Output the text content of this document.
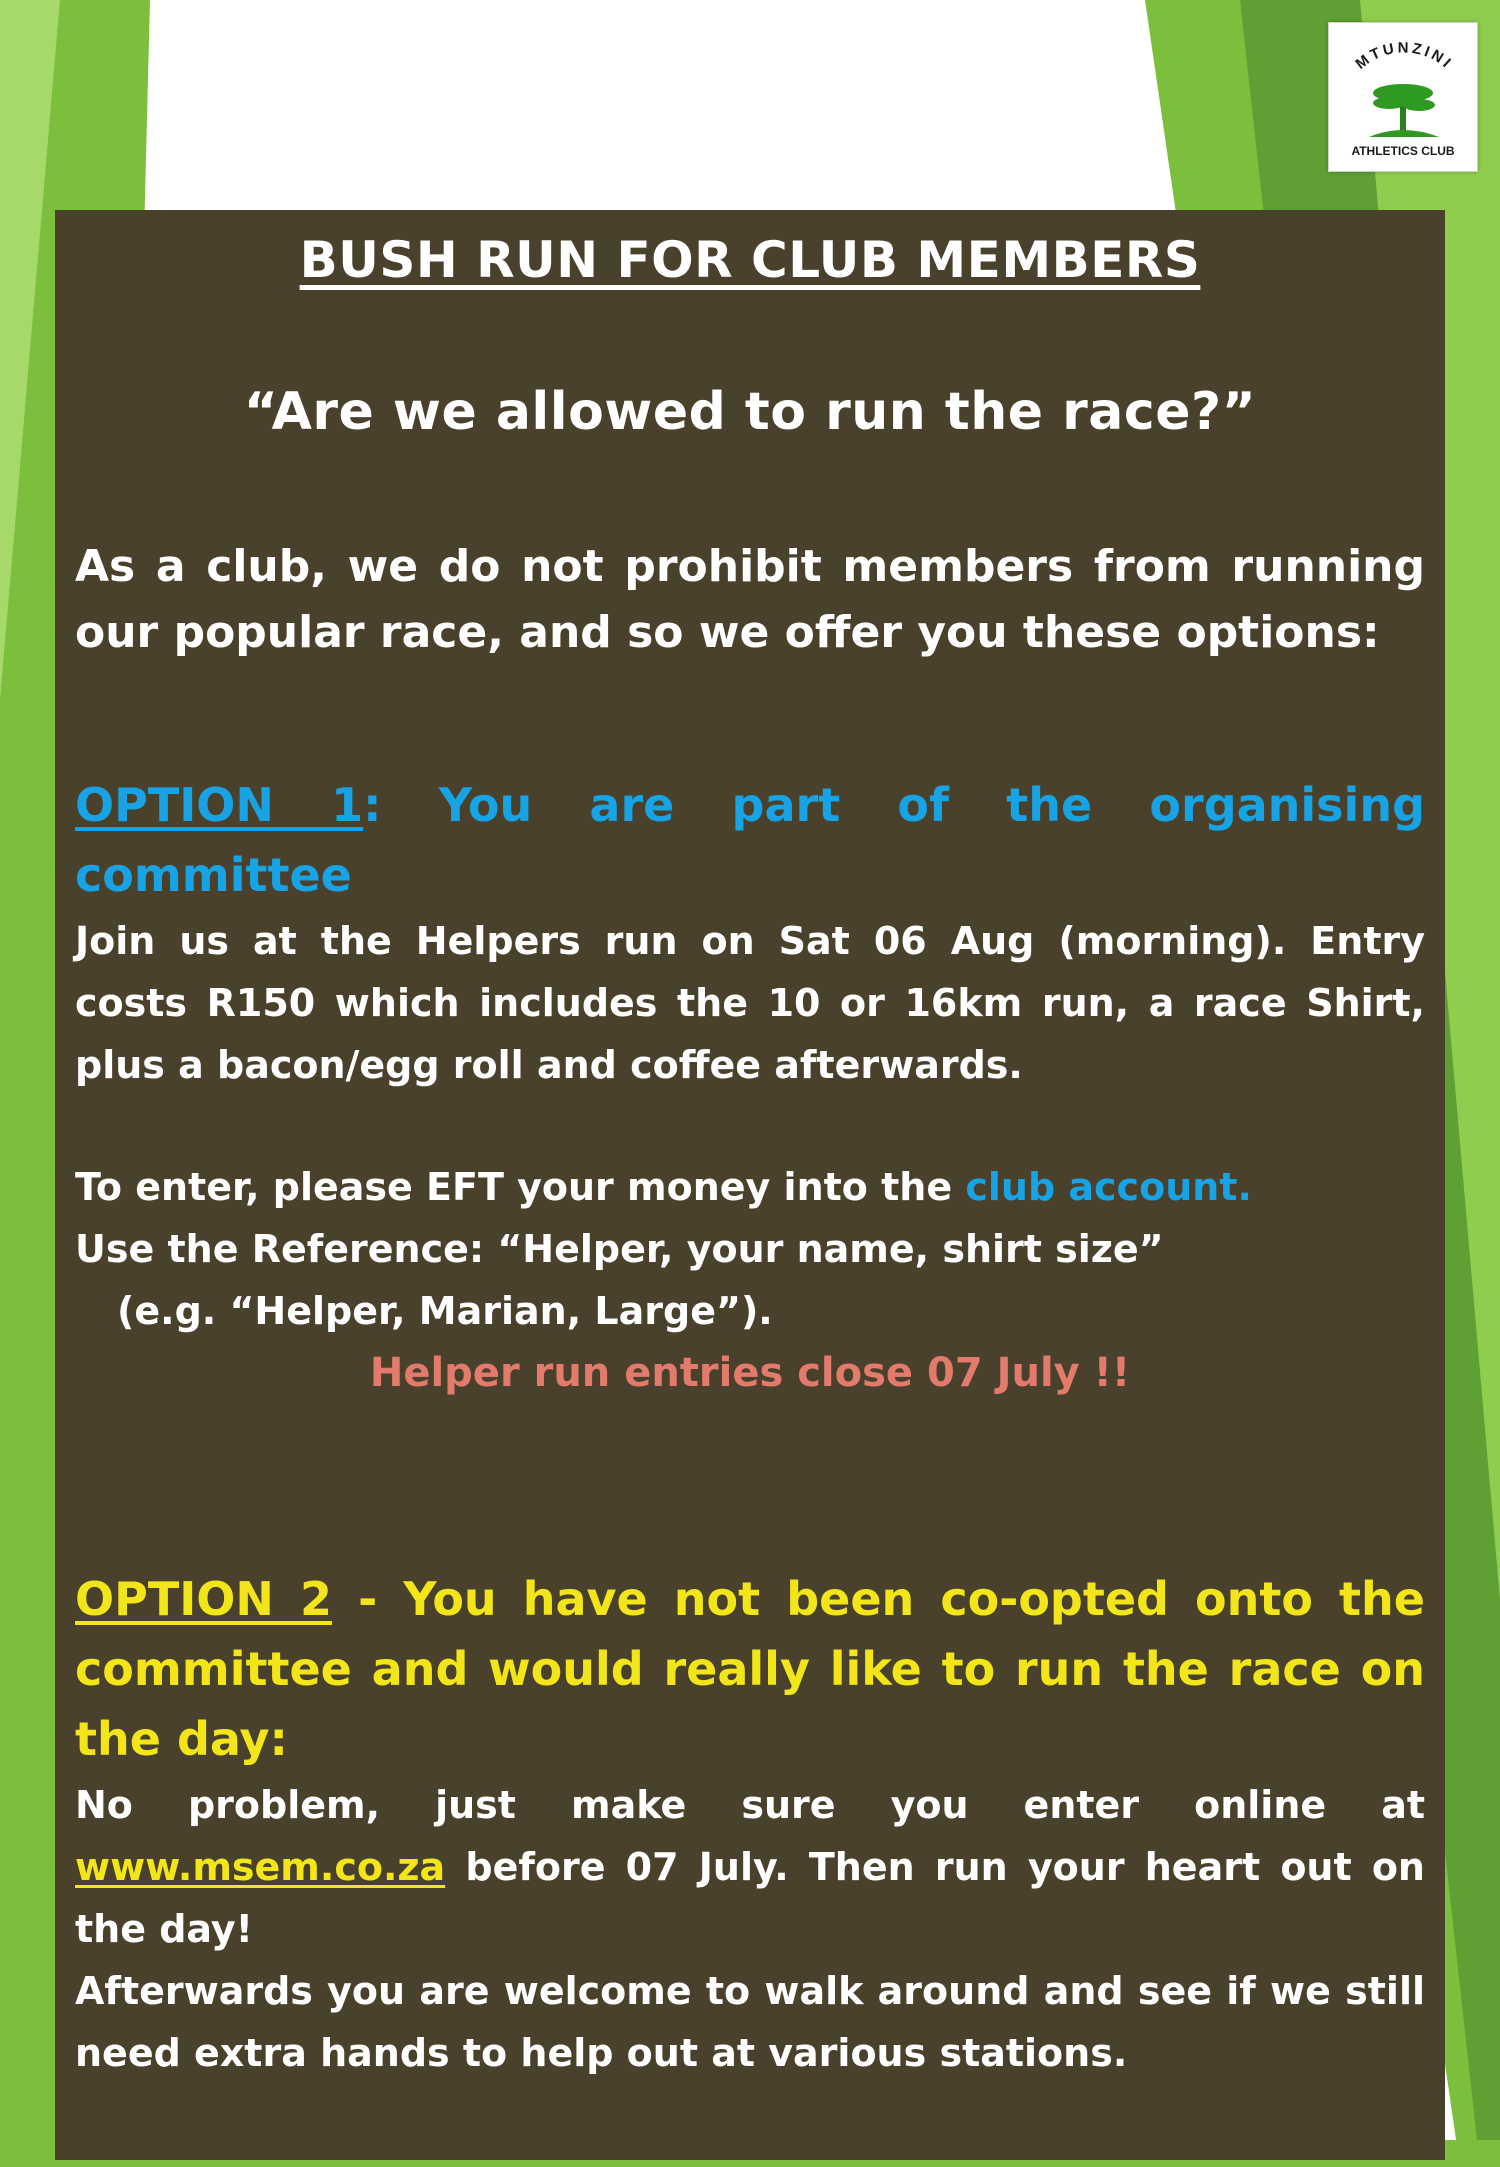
MTUNZINI
ATHLETICS CLUB
BUSH RUN FOR CLUB MEMBERS

“Are we allowed to run the race?”

As a club, we do not prohibit members from running our popular race, and so we offer you these options:

OPTION 1: You are part of the organising committee

Join us at the Helpers run on Sat 06 Aug (morning). Entry costs R150 which includes the 10 or 16km run, a race Shirt, plus a bacon/egg roll and coffee afterwards.

To enter, please EFT your money into the club account.

Use the Reference: “Helper, your name, shirt size”

(e.g. “Helper, Marian, Large”).

Helper run entries close 07 July !!

OPTION 2 - You have not been co-opted onto the committee and would really like to run the race on the day:

No problem, just make sure you enter online at www.msem.co.za before 07 July. Then run your heart out on the day!

Afterwards you are welcome to walk around and see if we still need extra hands to help out at various stations.
